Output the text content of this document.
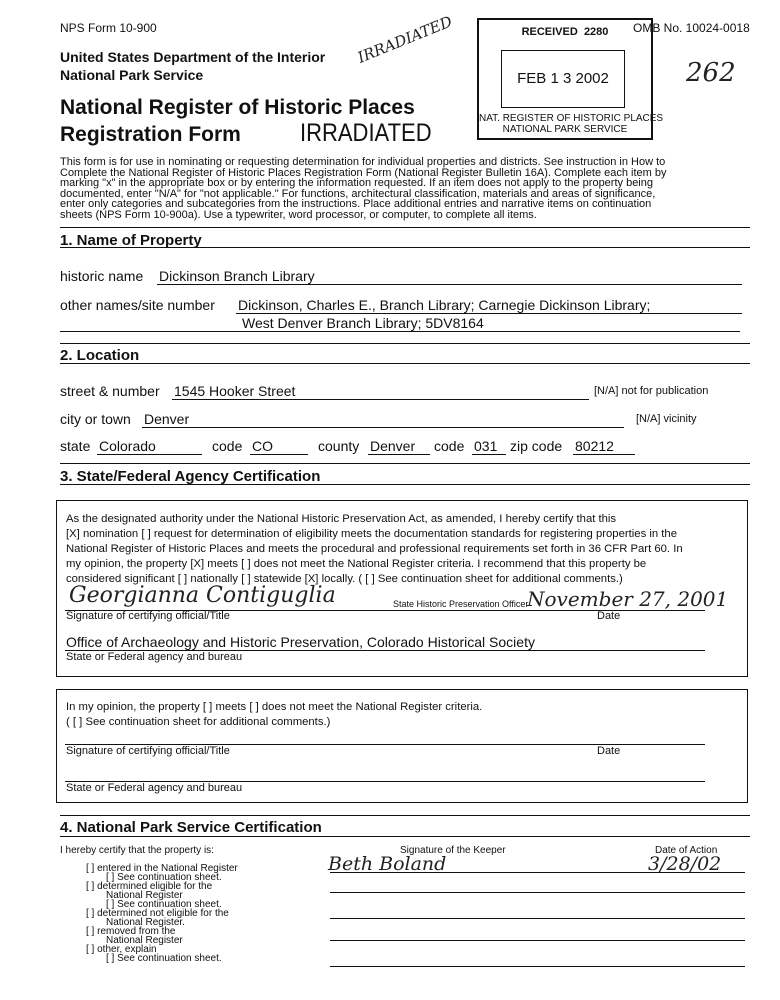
NPS Form 10-900	OMB No. 10024-0018
United States Department of the Interior
National Park Service
National Register of Historic Places
Registration Form IRRADIATED
IRRADIATED
262
RECEIVED 2280
FEB 1 3 2002
NAT. REGISTER OF HISTORIC PLACES
NATIONAL PARK SERVICE
This form is for use in nominating or requesting determination for individual properties and districts. See instruction in How to
Complete the National Register of Historic Places Registration Form (National Register Bulletin 16A). Complete each item by
marking "x" in the appropriate box or by entering the information requested. If an item does not apply to the property being
documented, enter "N/A" for "not applicable." For functions, architectural classification, materials and areas of significance,
enter only categories and subcategories from the instructions. Place additional entries and narrative items on continuation
sheets (NPS Form 10-900a). Use a typewriter, word processor, or computer, to complete all items.
1. Name of Property
historic name Dickinson Branch Library
other names/site number Dickinson, Charles E., Branch Library; Carnegie Dickinson Library;
West Denver Branch Library; 5DV8164
2. Location
street & number 1545 Hooker Street	[N/A] not for publication
city or town Denver	[N/A] vicinity
state Colorado	code CO	county Denver	code 031 zip code 80212
3. State/Federal Agency Certification
As the designated authority under the National Historic Preservation Act, as amended, I hereby certify that this
[X] nomination [ ] request for determination of eligibility meets the documentation standards for registering properties in the
National Register of Historic Places and meets the procedural and professional requirements set forth in 36 CFR Part 60. In
my opinion, the property [X] meets [ ] does not meet the National Register criteria. I recommend that this property be
considered significant [ ] nationally [ ] statewide [X] locally. ( [ ] See continuation sheet for additional comments.)
Georgianna Contiguglia	State Historic Preservation Officer
November 27, 2001
Signature of certifying official/Title	Date
Office of Archaeology and Historic Preservation, Colorado Historical Society
State or Federal agency and bureau
In my opinion, the property [ ] meets [ ] does not meet the National Register criteria.
( [ ] See continuation sheet for additional comments.)
Signature of certifying official/Title	Date
State or Federal agency and bureau
4. National Park Service Certification
I hereby certify that the property is:	Signature of the Keeper	Date of Action
Beth Boland	3/28/02
[ ] entered in the National Register
[ ] See continuation sheet.
[ ] determined eligible for the
National Register
[ ] See continuation sheet.
[ ] determined not eligible for the
National Register.
[ ] removed from the
National Register
[ ] other, explain
[ ] See continuation sheet.
